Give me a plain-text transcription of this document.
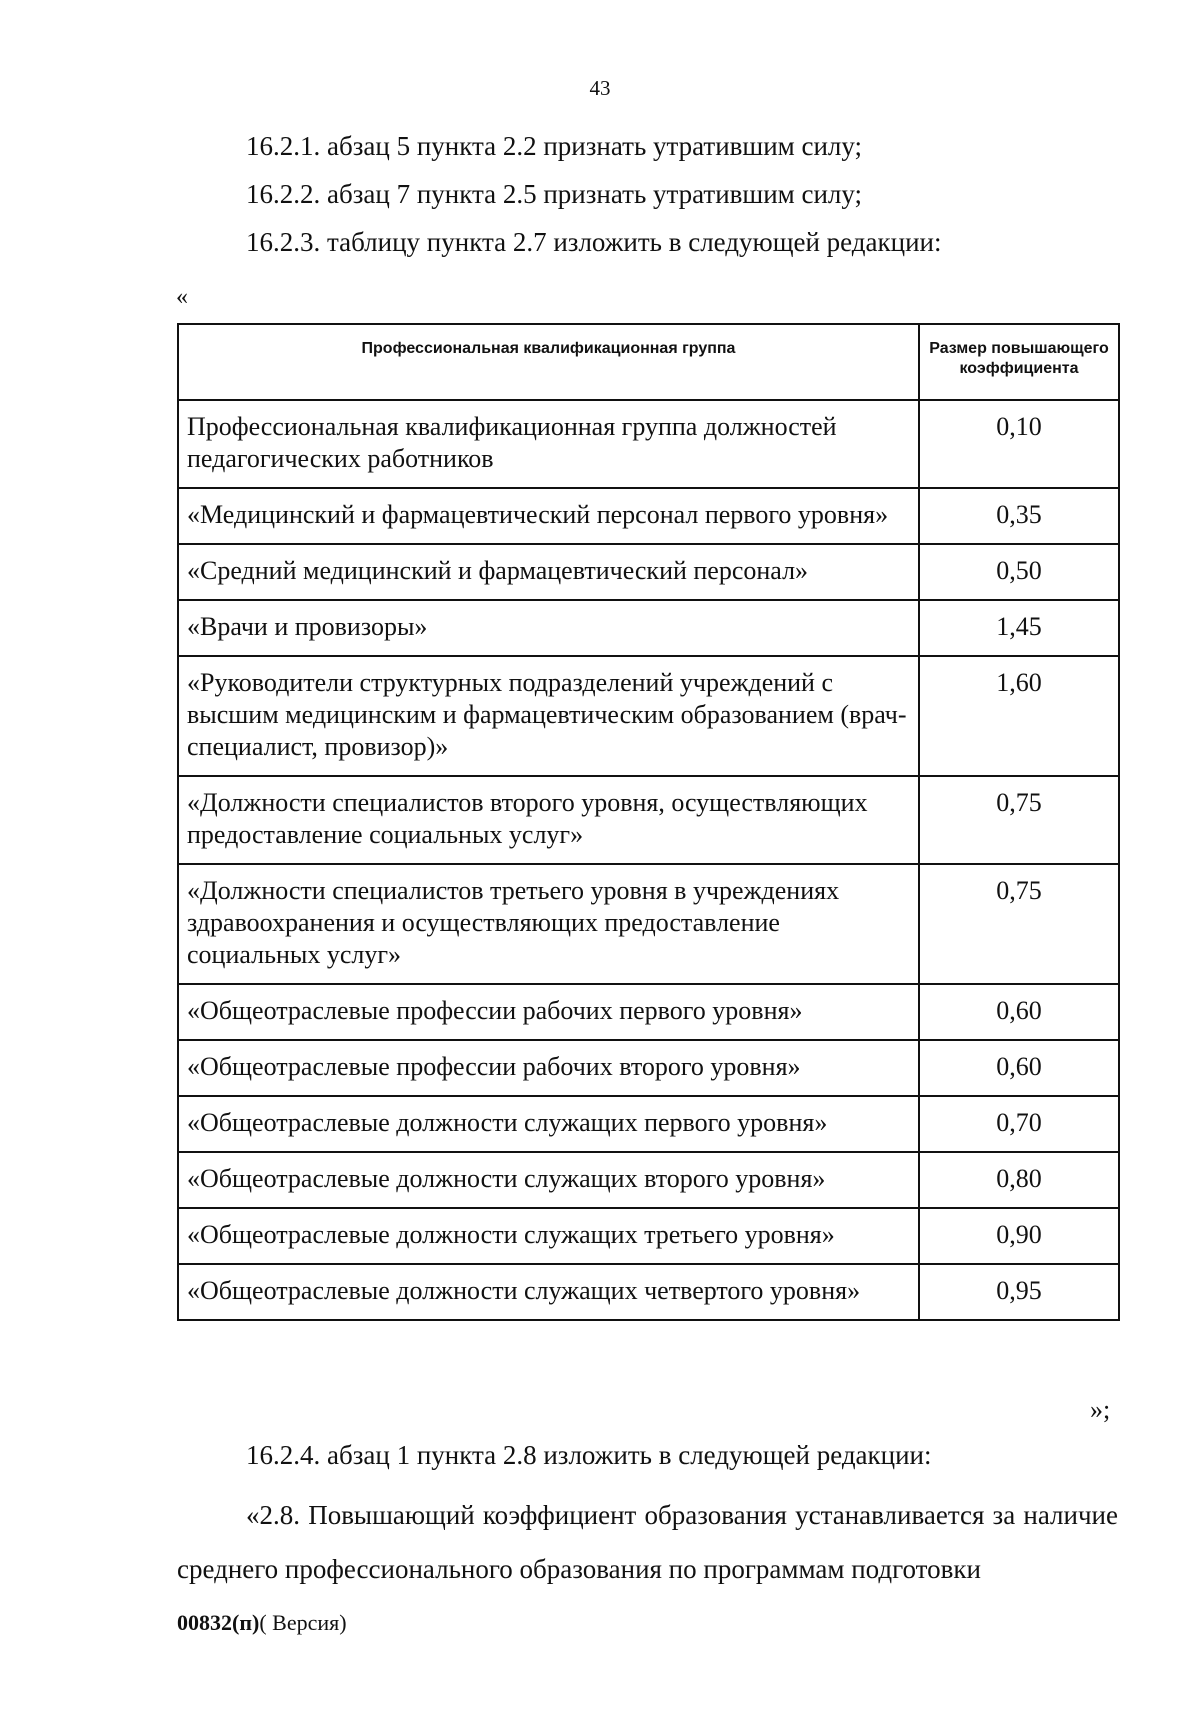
43
16.2.1. абзац 5 пункта 2.2 признать утратившим силу;
16.2.2. абзац 7 пункта 2.5 признать утратившим силу;
16.2.3. таблицу пункта 2.7 изложить в следующей редакции:
«
Профессиональная квалификационная группа	Размер повышающего коэффициента
Профессиональная квалификационная группа должностей педагогических работников	0,10
«Медицинский и фармацевтический персонал первого уровня»	0,35
«Средний медицинский и фармацевтический персонал»	0,50
«Врачи и провизоры»	1,45
«Руководители структурных подразделений учреждений с высшим медицинским и фармацевтическим образованием (врач-специалист, провизор)»	1,60
«Должности специалистов второго уровня, осуществляющих предоставление социальных услуг»	0,75
«Должности специалистов третьего уровня в учреждениях здравоохранения и осуществляющих предоставление социальных услуг»	0,75
«Общеотраслевые профессии рабочих первого уровня»	0,60
«Общеотраслевые профессии рабочих второго уровня»	0,60
«Общеотраслевые должности служащих первого уровня»	0,70
«Общеотраслевые должности служащих второго уровня»	0,80
«Общеотраслевые должности служащих третьего уровня»	0,90
«Общеотраслевые должности служащих четвертого уровня»	0,95
»;
16.2.4. абзац 1 пункта 2.8 изложить в следующей редакции:
«2.8. Повышающий коэффициент образования устанавливается за наличие среднего профессионального образования по программам подготовки
00832(п)( Версия)
